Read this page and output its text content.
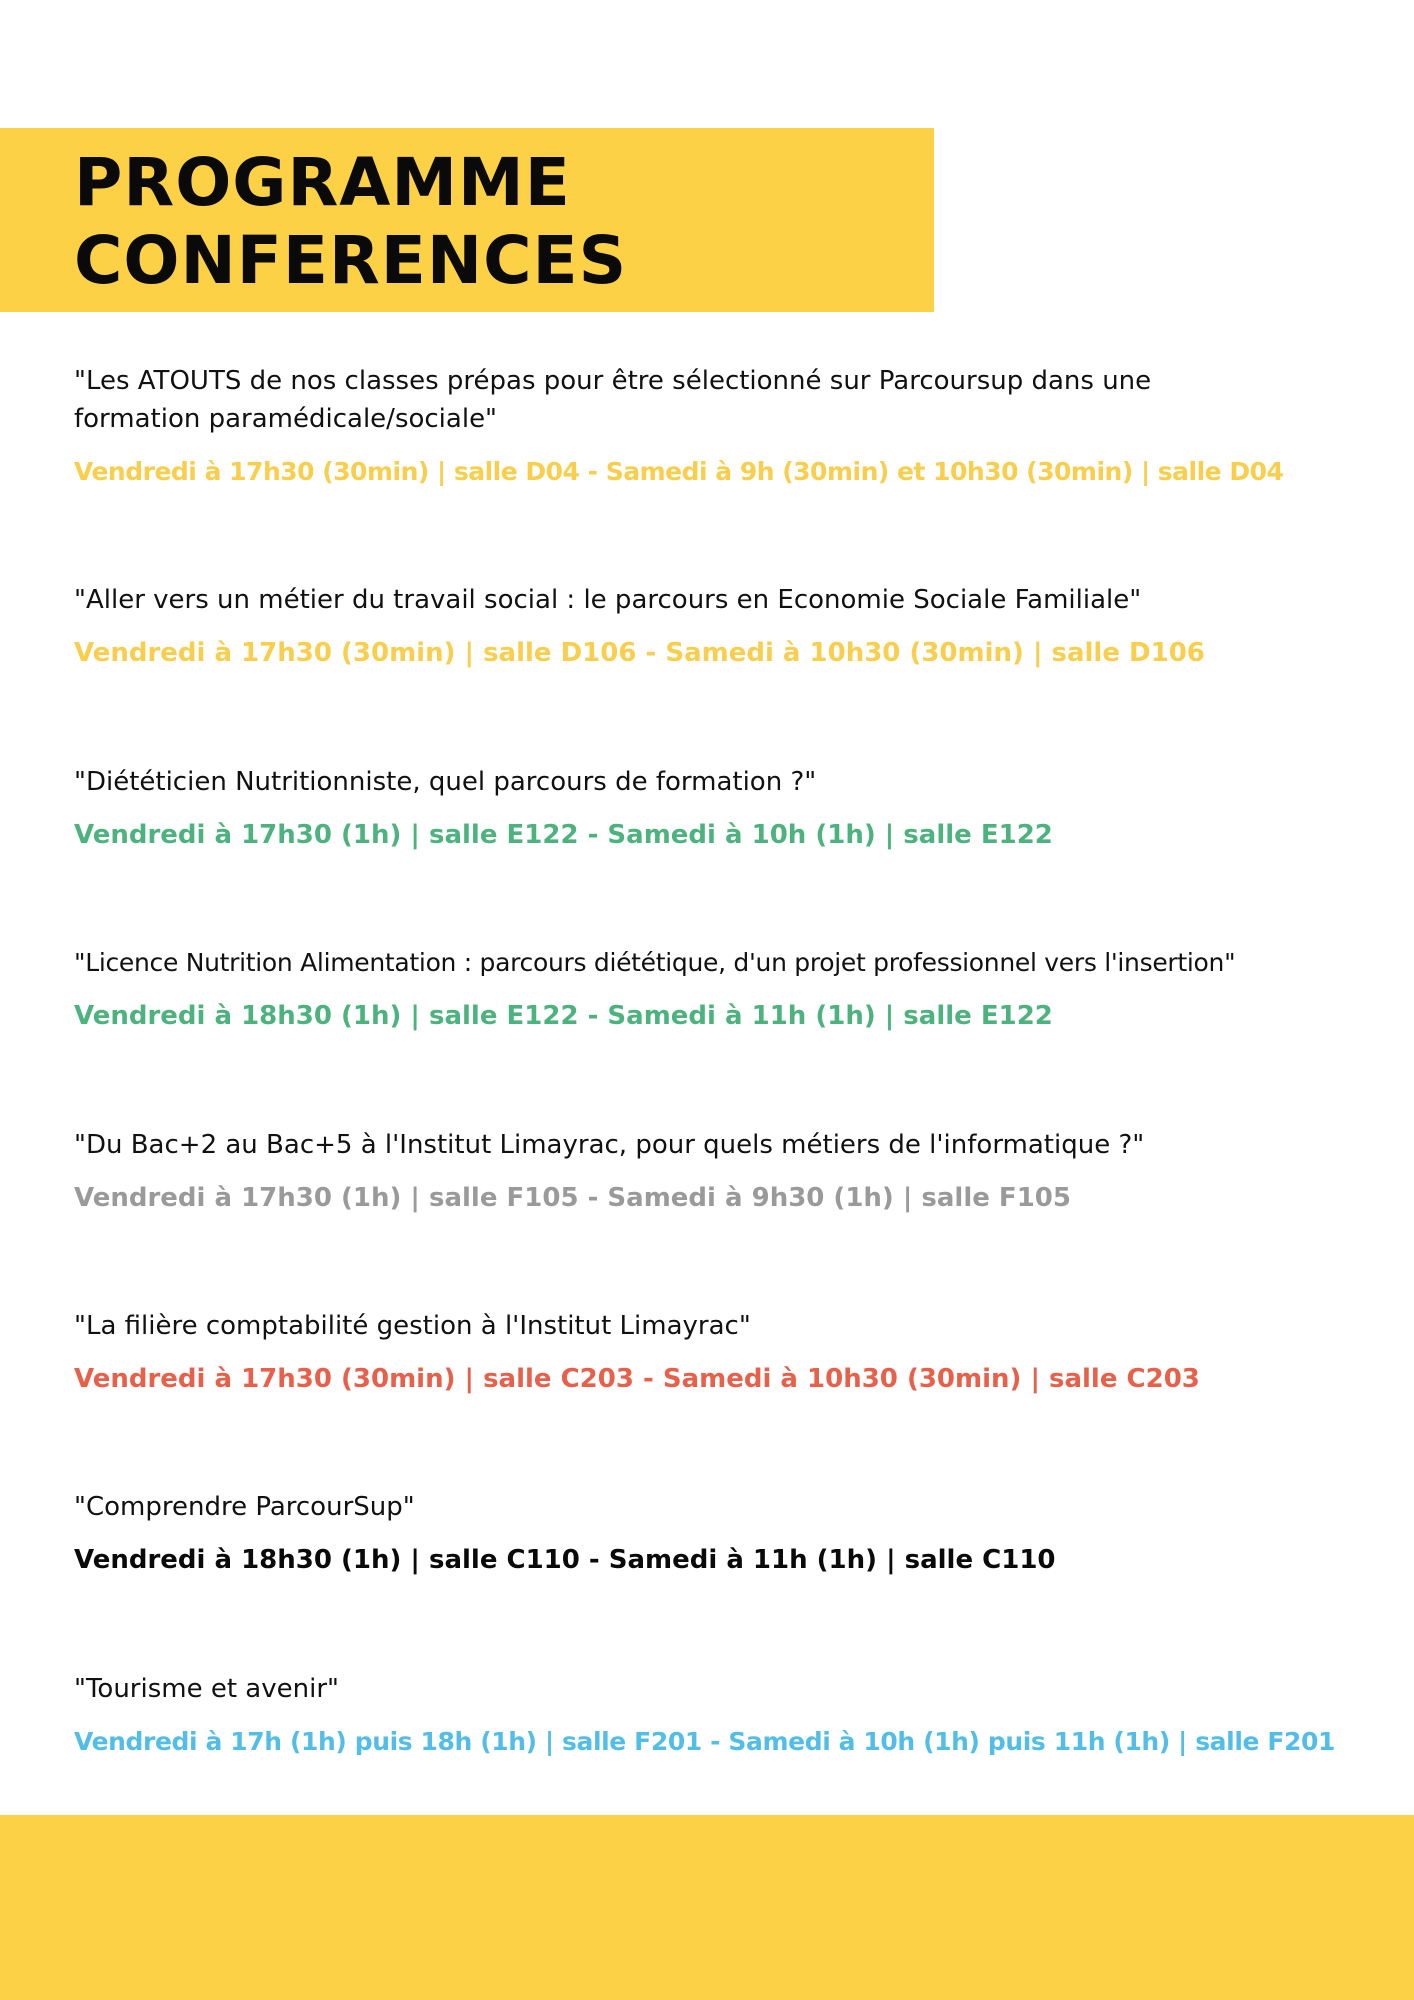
PROGRAMME
CONFERENCES

"Les ATOUTS de nos classes prépas pour être sélectionné sur Parcoursup dans une formation paramédicale/sociale"

Vendredi à 17h30 (30min) | salle D04 - Samedi à 9h (30min) et 10h30 (30min) | salle D04

"Aller vers un métier du travail social : le parcours en Economie Sociale Familiale"

Vendredi à 17h30 (30min) | salle D106 - Samedi à 10h30 (30min) | salle D106

"Diététicien Nutritionniste, quel parcours de formation ?"

Vendredi à 17h30 (1h) | salle E122 - Samedi à 10h (1h) | salle E122

"Licence Nutrition Alimentation : parcours diététique, d'un projet professionnel vers l'insertion"

Vendredi à 18h30 (1h) | salle E122 - Samedi à 11h (1h) | salle E122

"Du Bac+2 au Bac+5 à l'Institut Limayrac, pour quels métiers de l'informatique ?"

Vendredi à 17h30 (1h) | salle F105 - Samedi à 9h30 (1h) | salle F105

"La filière comptabilité gestion à l'Institut Limayrac"

Vendredi à 17h30 (30min) | salle C203 - Samedi à 10h30 (30min) | salle C203

"Comprendre ParcourSup"

Vendredi à 18h30 (1h) | salle C110 - Samedi à 11h (1h) | salle C110

"Tourisme et avenir"

Vendredi à 17h (1h) puis 18h (1h) | salle F201 - Samedi à 10h (1h) puis 11h (1h) | salle F201
